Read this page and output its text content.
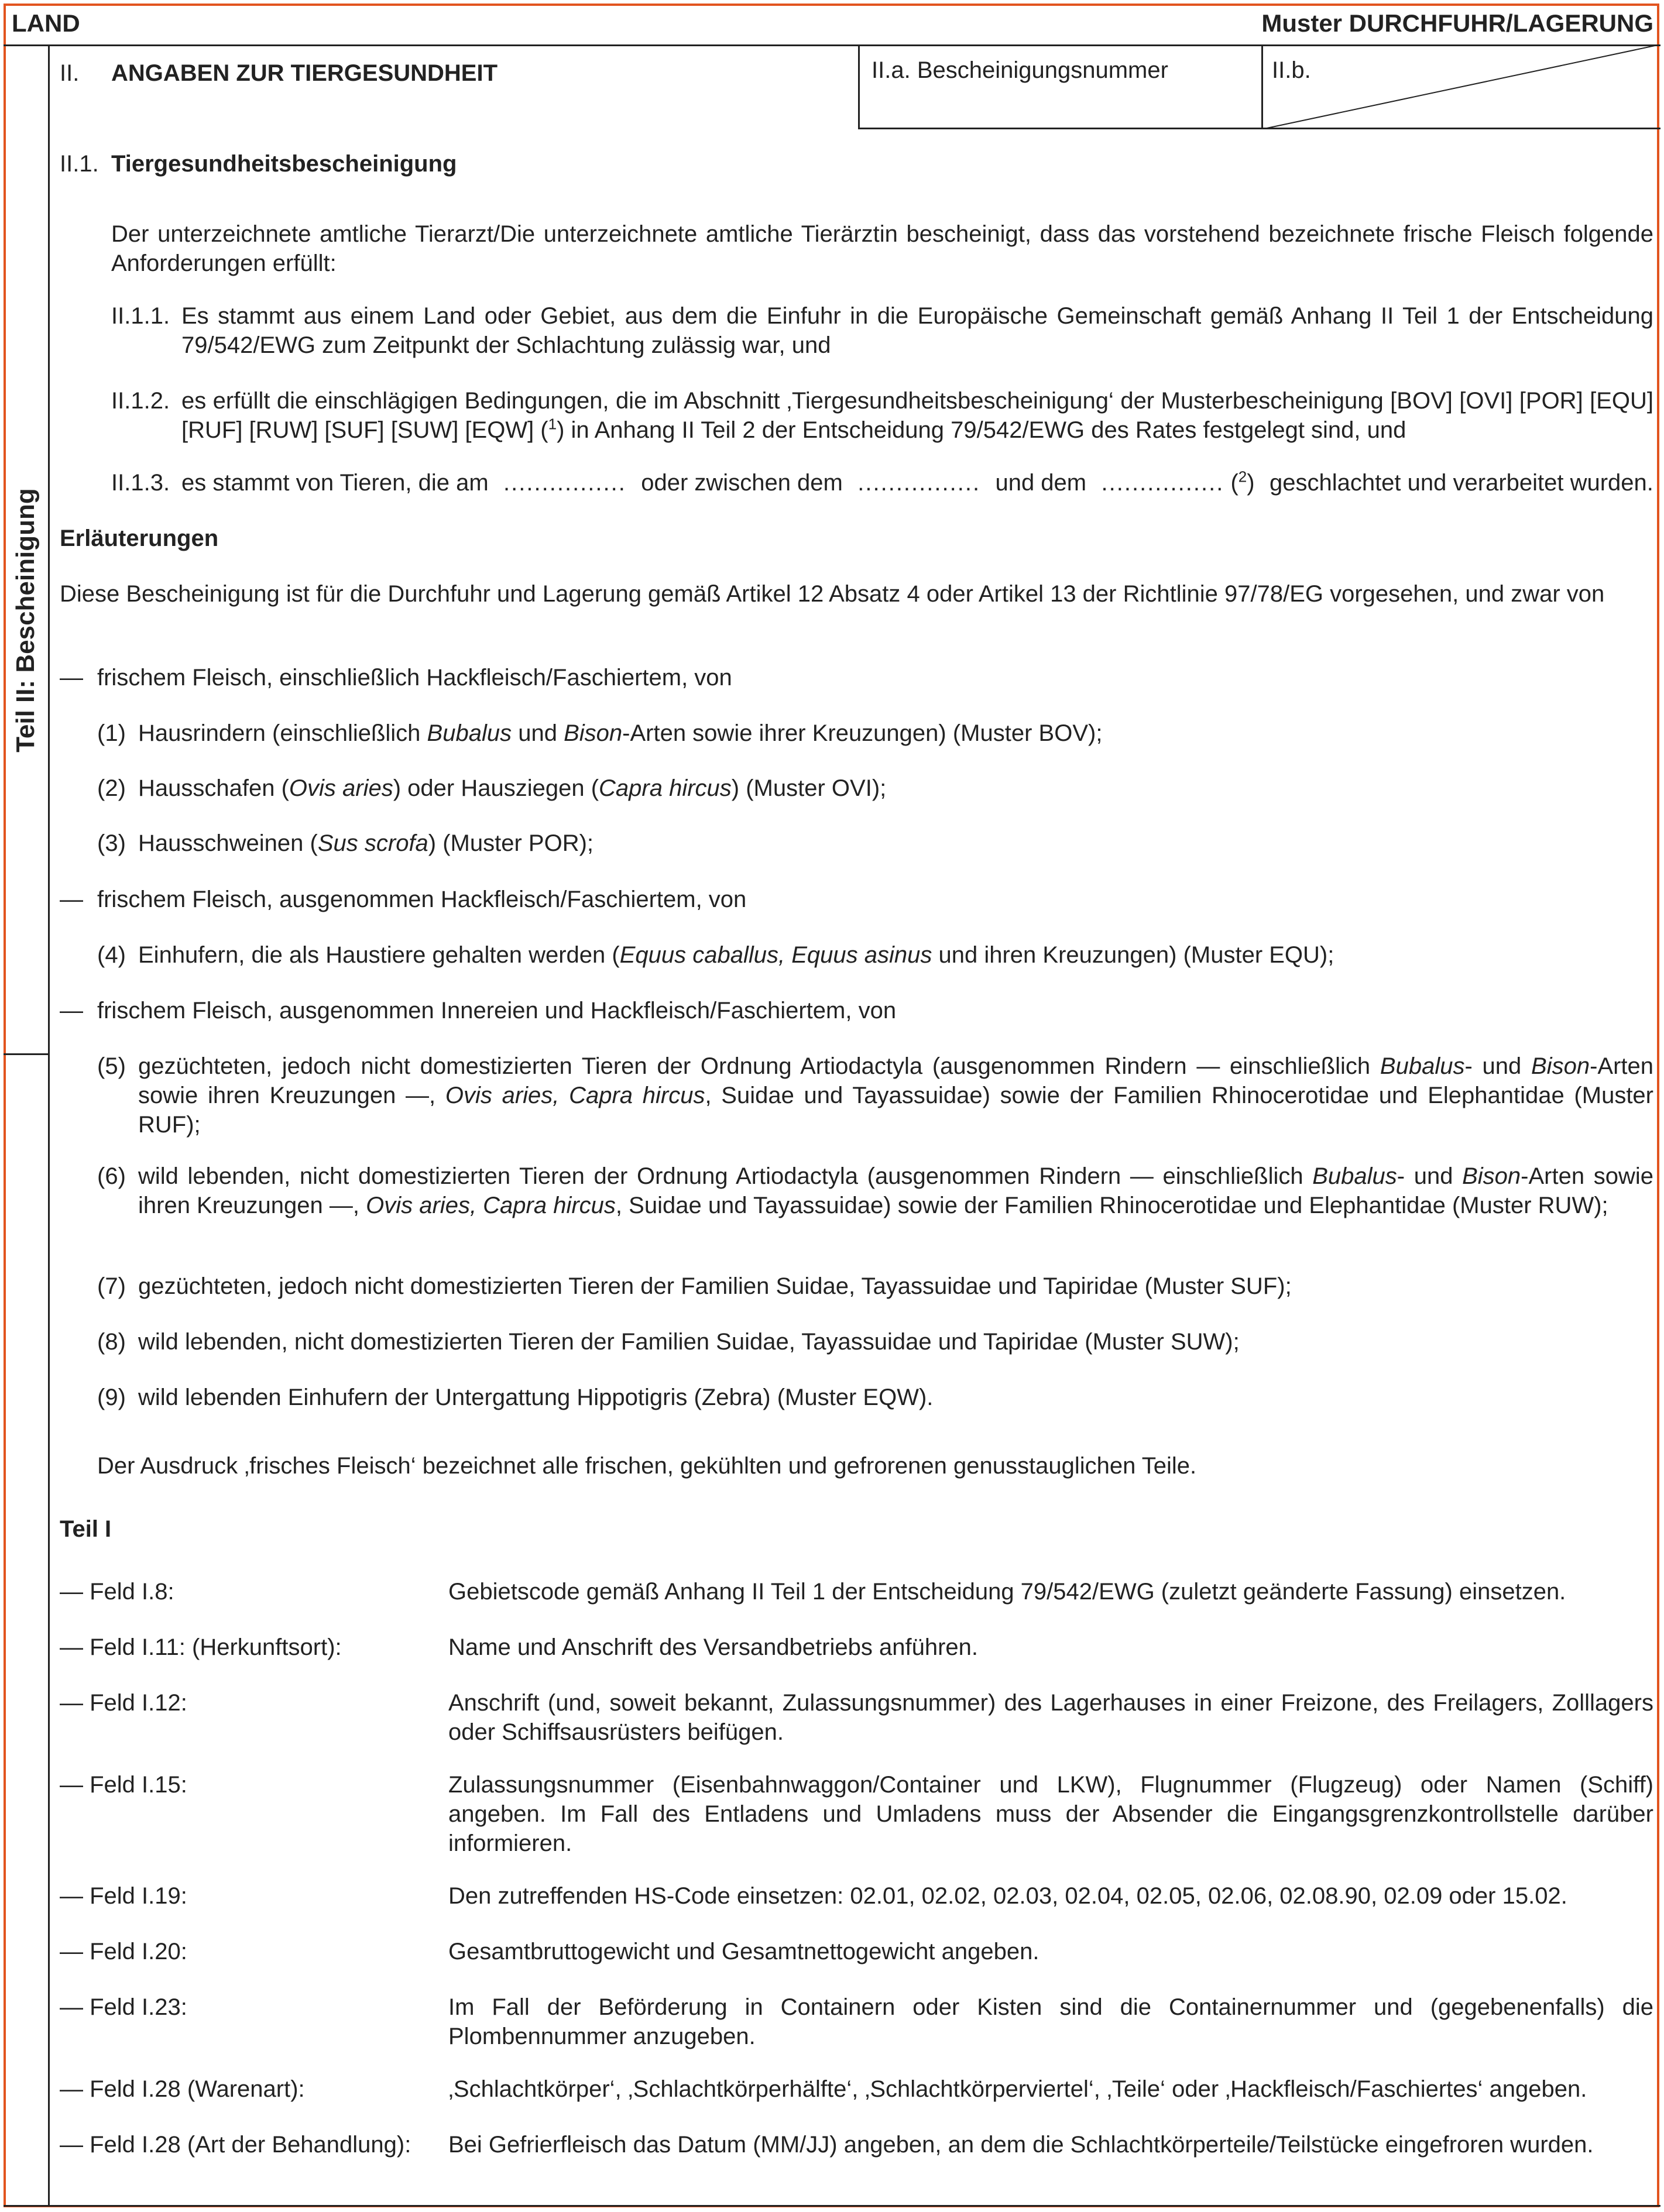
LAND	Muster DURCHFUHR/LAGERUNG
Teil II: Bescheinigung
II. ANGABEN ZUR TIERGESUNDHEIT	II.a. Bescheinigungsnummer	II.b.
II.1. Tiergesundheitsbescheinigung
Der unterzeichnete amtliche Tierarzt/Die unterzeichnete amtliche Tierärztin bescheinigt, dass das vorstehend bezeichnete frische Fleisch folgende Anforderungen erfüllt:
II.1.1. Es stammt aus einem Land oder Gebiet, aus dem die Einfuhr in die Europäische Gemeinschaft gemäß Anhang II Teil 1 der Entscheidung 79/542/EWG zum Zeitpunkt der Schlachtung zulässig war, und
II.1.2. es erfüllt die einschlägigen Bedingungen, die im Abschnitt ‚Tiergesundheitsbescheinigung‘ der Musterbescheinigung [BOV] [OVI] [POR] [EQU] [RUF] [RUW] [SUF] [SUW] [EQW] ($^1$) in Anhang II Teil 2 der Entscheidung 79/542/EWG des Rates festgelegt sind, und
II.1.3. es stammt von Tieren, die am ................ oder zwischen dem ................ und dem ................ ($^2$) geschlachtet und verarbeitet wurden.
Erläuterungen
Diese Bescheinigung ist für die Durchfuhr und Lagerung gemäß Artikel 12 Absatz 4 oder Artikel 13 der Richtlinie 97/78/EG vorgesehen, und zwar von
— frischem Fleisch, einschließlich Hackfleisch/Faschiertem, von
(1) Hausrindern (einschließlich Bubalus und Bison-Arten sowie ihrer Kreuzungen) (Muster BOV);
(2) Hausschafen (Ovis aries) oder Hausziegen (Capra hircus) (Muster OVI);
(3) Hausschweinen (Sus scrofa) (Muster POR);
— frischem Fleisch, ausgenommen Hackfleisch/Faschiertem, von
(4) Einhufern, die als Haustiere gehalten werden (Equus caballus, Equus asinus und ihren Kreuzungen) (Muster EQU);
— frischem Fleisch, ausgenommen Innereien und Hackfleisch/Faschiertem, von
(5) gezüchteten, jedoch nicht domestizierten Tieren der Ordnung Artiodactyla (ausgenommen Rindern — einschließlich Bubalus- und Bison-Arten sowie ihren Kreuzungen —, Ovis aries, Capra hircus, Suidae und Tayassuidae) sowie der Familien Rhinocerotidae und Elephantidae (Muster RUF);
(6) wild lebenden, nicht domestizierten Tieren der Ordnung Artiodactyla (ausgenommen Rindern — einschließlich Bubalus- und Bison-Arten sowie ihren Kreuzungen —, Ovis aries, Capra hircus, Suidae und Tayassuidae) sowie der Familien Rhinocerotidae und Elephantidae (Muster RUW);
(7) gezüchteten, jedoch nicht domestizierten Tieren der Familien Suidae, Tayassuidae und Tapiridae (Muster SUF);
(8) wild lebenden, nicht domestizierten Tieren der Familien Suidae, Tayassuidae und Tapiridae (Muster SUW);
(9) wild lebenden Einhufern der Untergattung Hippotigris (Zebra) (Muster EQW).
Der Ausdruck ‚frisches Fleisch‘ bezeichnet alle frischen, gekühlten und gefrorenen genusstauglichen Teile.
Teil I
— Feld I.8:	Gebietscode gemäß Anhang II Teil 1 der Entscheidung 79/542/EWG (zuletzt geänderte Fassung) einsetzen.
— Feld I.11: (Herkunftsort):	Name und Anschrift des Versandbetriebs anführen.
— Feld I.12:	Anschrift (und, soweit bekannt, Zulassungsnummer) des Lagerhauses in einer Freizone, des Freilagers, Zolllagers oder Schiffsausrüsters beifügen.
— Feld I.15:	Zulassungsnummer (Eisenbahnwaggon/Container und LKW), Flugnummer (Flugzeug) oder Namen (Schiff) angeben. Im Fall des Entladens und Umladens muss der Absender die Eingangsgrenzkontrollstelle darüber informieren.
— Feld I.19:	Den zutreffenden HS-Code einsetzen: 02.01, 02.02, 02.03, 02.04, 02.05, 02.06, 02.08.90, 02.09 oder 15.02.
— Feld I.20:	Gesamtbruttogewicht und Gesamtnettogewicht angeben.
— Feld I.23:	Im Fall der Beförderung in Containern oder Kisten sind die Containernummer und (gegebenenfalls) die Plombennummer anzugeben.
— Feld I.28 (Warenart):	‚Schlachtkörper‘, ‚Schlachtkörperhälfte‘, ‚Schlachtkörperviertel‘, ‚Teile‘ oder ‚Hackfleisch/Faschiertes‘ angeben.
— Feld I.28 (Art der Behandlung): Bei Gefrierfleisch das Datum (MM/JJ) angeben, an dem die Schlachtkörperteile/Teilstücke eingefroren wurden.
